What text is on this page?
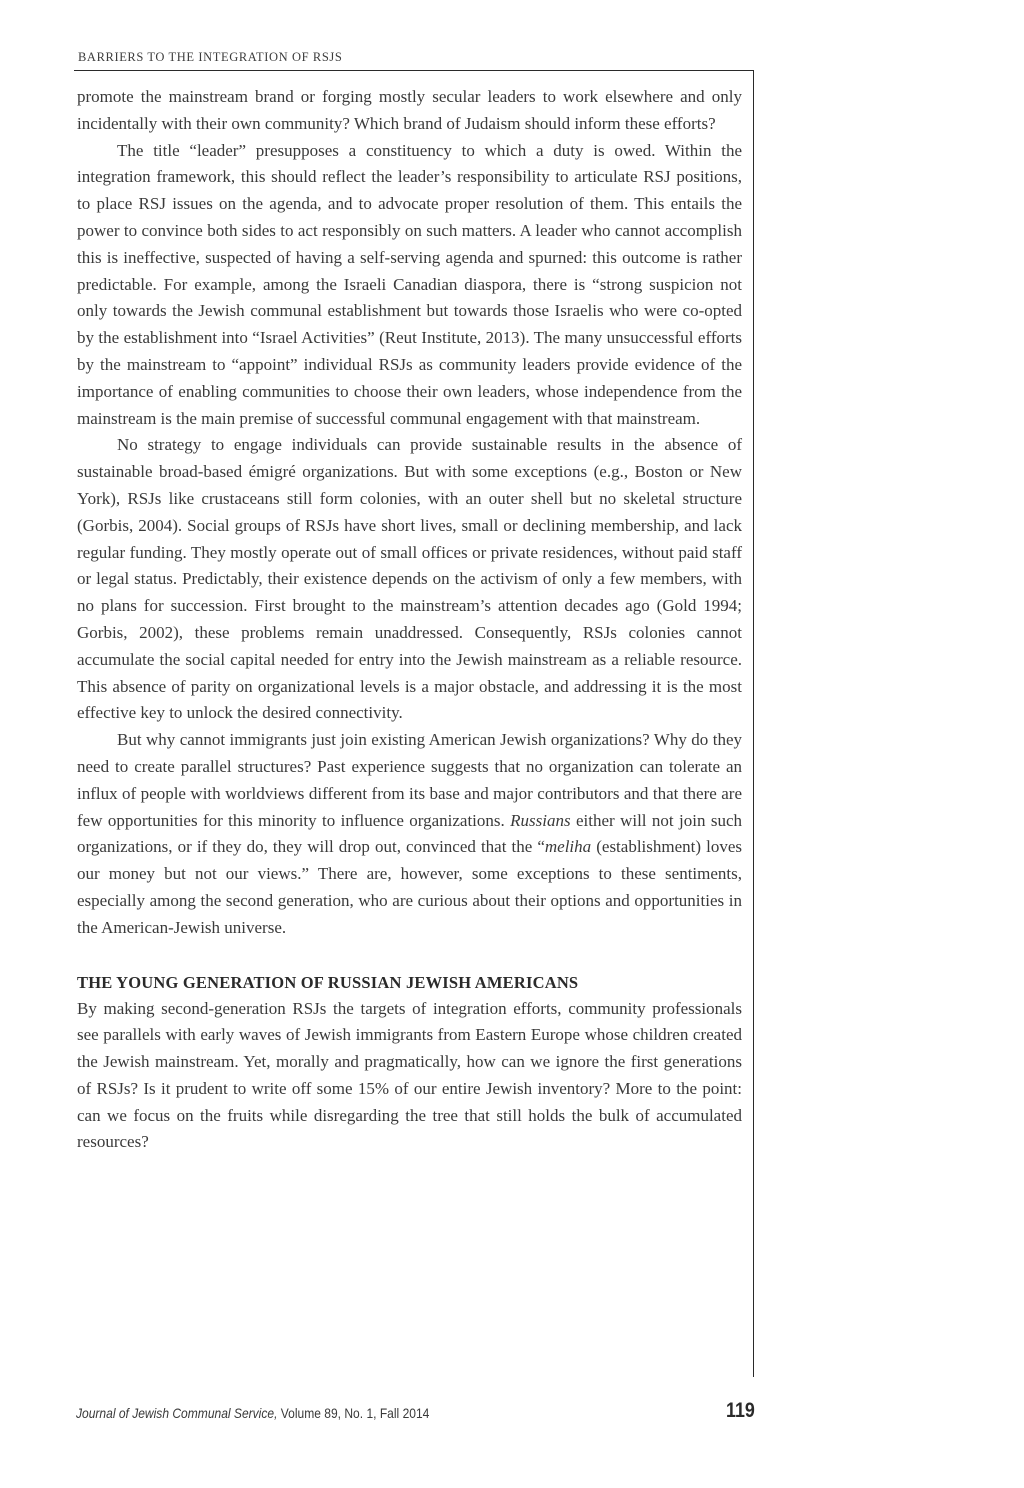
BARRIERS TO THE INTEGRATION OF RSJS

promote the mainstream brand or forging mostly secular leaders to work elsewhere and only incidentally with their own community? Which brand of Judaism should inform these efforts?

The title “leader” presupposes a constituency to which a duty is owed. Within the integration framework, this should reflect the leader’s responsibility to articulate RSJ positions, to place RSJ issues on the agenda, and to advocate proper resolution of them. This entails the power to convince both sides to act responsibly on such matters. A leader who cannot accomplish this is ineffective, suspected of having a self-serving agenda and spurned: this outcome is rather predictable. For example, among the Israeli Canadian diaspora, there is “strong suspicion not only towards the Jewish communal establishment but towards those Israelis who were co-opted by the establishment into “Israel Activities” (Reut Institute, 2013). The many unsuccessful efforts by the mainstream to “appoint” individual RSJs as community leaders provide evidence of the importance of enabling communities to choose their own leaders, whose independence from the mainstream is the main premise of successful communal engagement with that mainstream.

No strategy to engage individuals can provide sustainable results in the absence of sustainable broad-based émigré organizations. But with some exceptions (e.g., Boston or New York), RSJs like crustaceans still form colonies, with an outer shell but no skeletal structure (Gorbis, 2004). Social groups of RSJs have short lives, small or declining membership, and lack regular funding. They mostly operate out of small offices or private residences, without paid staff or legal status. Predictably, their existence depends on the activism of only a few members, with no plans for succession. First brought to the mainstream’s attention decades ago (Gold 1994; Gorbis, 2002), these problems remain unaddressed. Consequently, RSJs colonies cannot accumulate the social capital needed for entry into the Jewish mainstream as a reliable resource. This absence of parity on organizational levels is a major obstacle, and addressing it is the most effective key to unlock the desired connectivity.

But why cannot immigrants just join existing American Jewish organizations? Why do they need to create parallel structures? Past experience suggests that no organization can tolerate an influx of people with worldviews different from its base and major contributors and that there are few opportunities for this minority to influence organizations. Russians either will not join such organizations, or if they do, they will drop out, convinced that the “meliha (establishment) loves our money but not our views.” There are, however, some exceptions to these sentiments, especially among the second generation, who are curious about their options and opportunities in the American-Jewish universe.

THE YOUNG GENERATION OF RUSSIAN JEWISH AMERICANS

By making second-generation RSJs the targets of integration efforts, community professionals see parallels with early waves of Jewish immigrants from Eastern Europe whose children created the Jewish mainstream. Yet, morally and pragmatically, how can we ignore the first generations of RSJs? Is it prudent to write off some 15% of our entire Jewish inventory? More to the point: can we focus on the fruits while disregarding the tree that still holds the bulk of accumulated resources?

Journal of Jewish Communal Service, Volume 89, No. 1, Fall 2014	119
